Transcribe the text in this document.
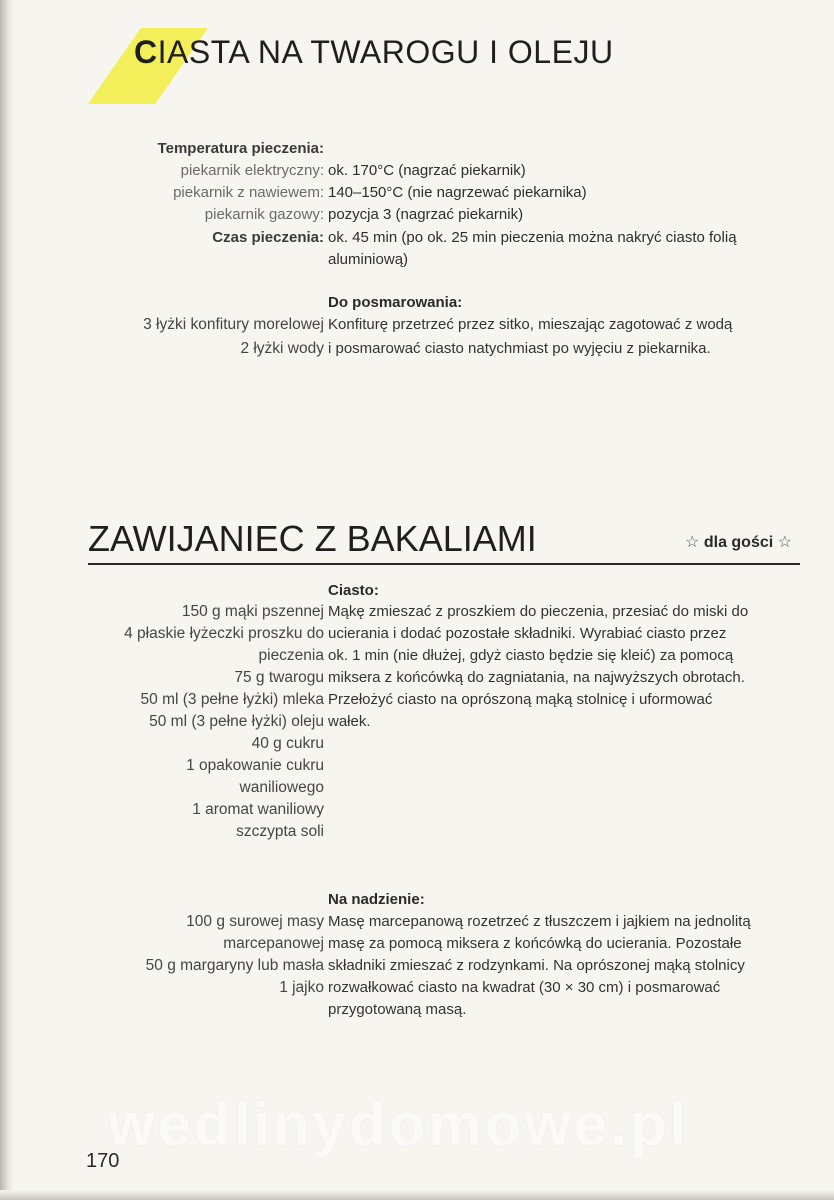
CIASTA NA TWAROGU I OLEJU
Temperatura pieczenia:
piekarnik elektryczny: ok. 170°C (nagrzać piekarnik)
piekarnik z nawiewem: 140–150°C (nie nagrzewać piekarnika)
piekarnik gazowy: pozycja 3 (nagrzać piekarnik)
Czas pieczenia: ok. 45 min (po ok. 25 min pieczenia można nakryć ciasto folią
aluminiową)
Do posmarowania:
3 łyżki konfitury morelowej
2 łyżki wody
Konfiturę przetrzeć przez sitko, mieszając zagotować z wodą
i posmarować ciasto natychmiast po wyjęciu z piekarnika.
ZAWIJANIEC Z BAKALIAMI	☆ dla gości ☆
Ciasto:
150 g mąki pszennej
4 płaskie łyżeczki proszku do
pieczenia
75 g twarogu
50 ml (3 pełne łyżki) mleka
50 ml (3 pełne łyżki) oleju
40 g cukru
1 opakowanie cukru
waniliowego
1 aromat waniliowy
szczypta soli
Mąkę zmieszać z proszkiem do pieczenia, przesiać do miski do
ucierania i dodać pozostałe składniki. Wyrabiać ciasto przez
ok. 1 min (nie dłużej, gdyż ciasto będzie się kleić) za pomocą
miksera z końcówką do zagniatania, na najwyższych obrotach.
Przełożyć ciasto na oprószoną mąką stolnicę i uformować
wałek.
Na nadzienie:
100 g surowej masy
marcepanowej
50 g margaryny lub masła
1 jajko
Masę marcepanową rozetrzeć z tłuszczem i jajkiem na jednolitą
masę za pomocą miksera z końcówką do ucierania. Pozostałe
składniki zmieszać z rodzynkami. Na oprószonej mąką stolnicy
rozwałkować ciasto na kwadrat (30 × 30 cm) i posmarować
przygotowaną masą.
wedlinydomowe.pl
170
